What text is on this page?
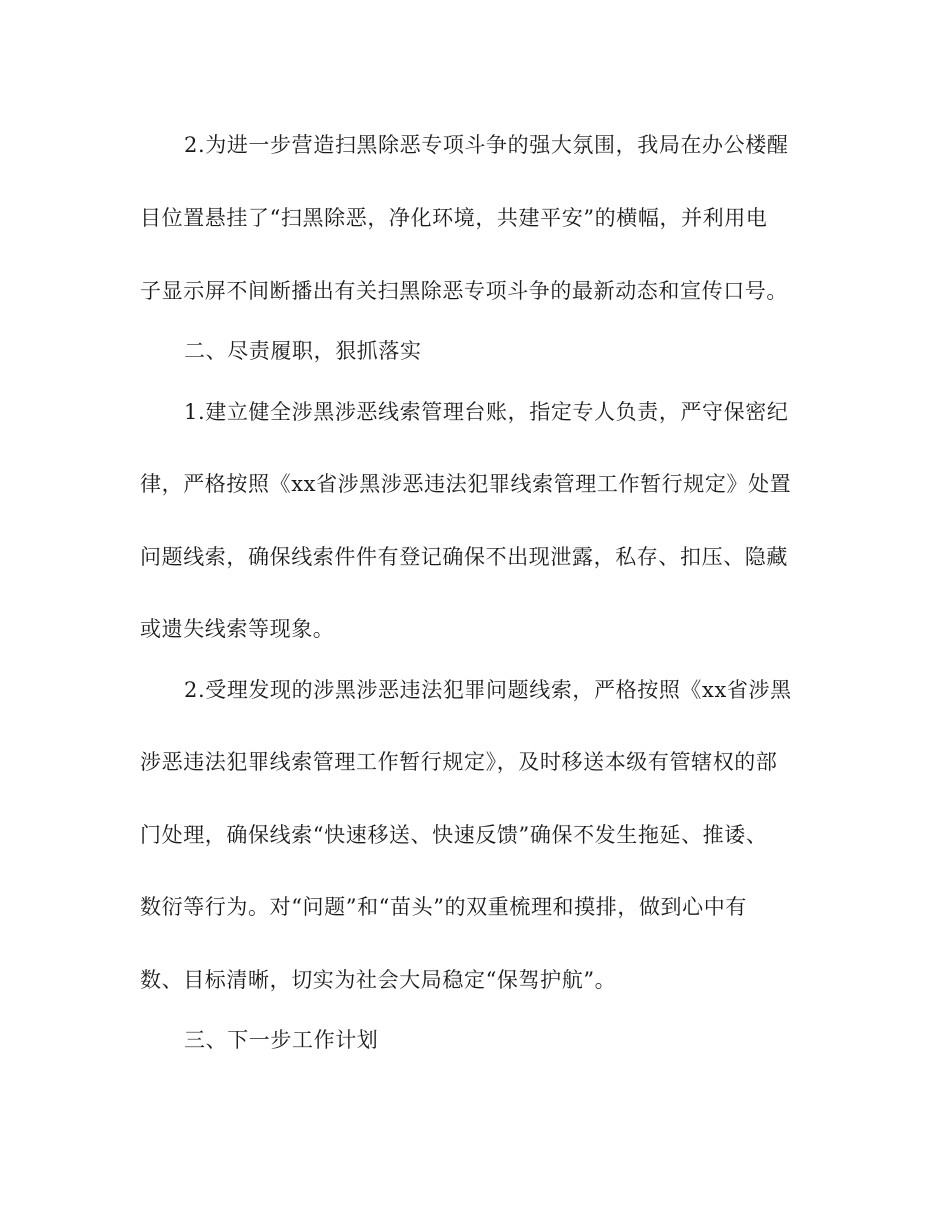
2.为进一步营造扫黑除恶专项斗争的强大氛围，我局在办公楼醒
目位置悬挂了“扫黑除恶，净化环境，共建平安”的横幅，并利用电
子显示屏不间断播出有关扫黑除恶专项斗争的最新动态和宣传口号。
二、尽责履职，狠抓落实
1.建立健全涉黑涉恶线索管理台账，指定专人负责，严守保密纪
律，严格按照《xx省涉黑涉恶违法犯罪线索管理工作暂行规定》处置
问题线索，确保线索件件有登记确保不出现泄露，私存、扣压、隐藏
或遗失线索等现象。
2.受理发现的涉黑涉恶违法犯罪问题线索，严格按照《xx省涉黑
涉恶违法犯罪线索管理工作暂行规定》，及时移送本级有管辖权的部
门处理，确保线索“快速移送、快速反馈”确保不发生拖延、推诿、
数衍等行为。对“问题”和“苗头”的双重梳理和摸排，做到心中有
数、目标清晰，切实为社会大局稳定“保驾护航”。
三、下一步工作计划
